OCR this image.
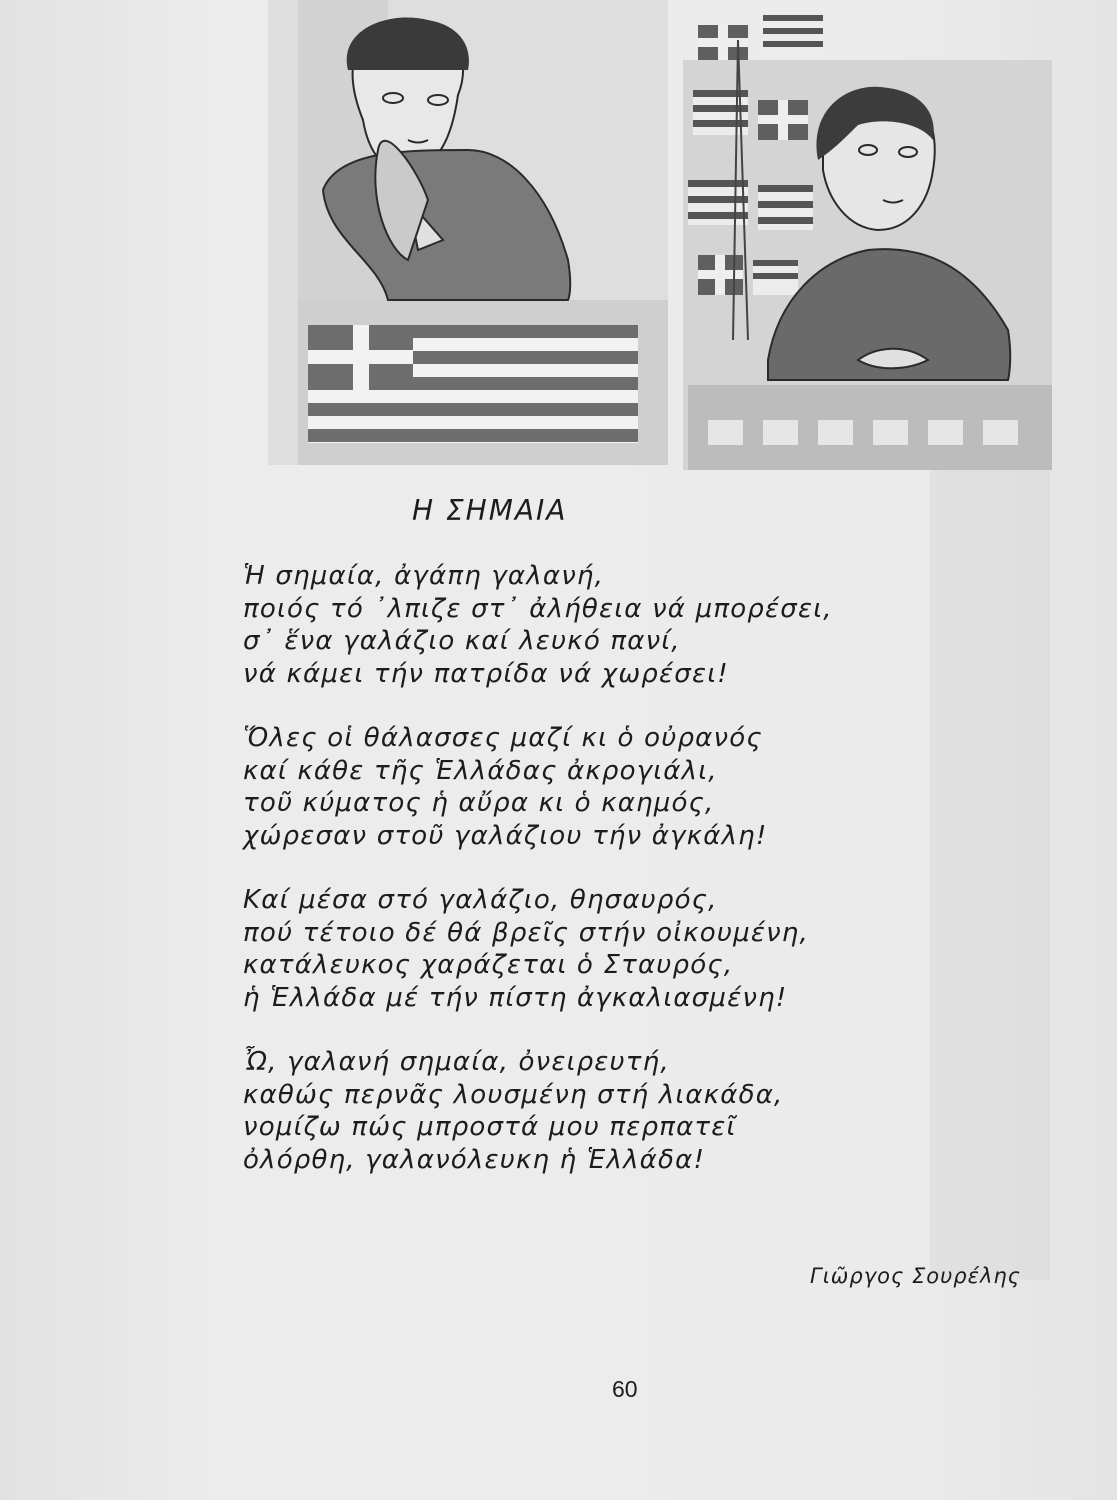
Η ΣΗΜΑΙΑ
Ἡ σημαία, ἀγάπη γαλανή,
ποιός τό ᾽λπιζε στ᾽ ἀλήθεια νά μπορέσει,
σ᾽ ἕνα γαλάζιο καί λευκό πανί,
νά κάμει τήν πατρίδα νά χωρέσει!
Ὅλες οἱ θάλασσες μαζί κι ὁ οὐρανός
καί κάθε τῆς Ἑλλάδας ἀκρογιάλι,
τοῦ κύματος ἡ αὔρα κι ὁ καημός,
χώρεσαν στοῦ γαλάζιου τήν ἀγκάλη!
Καί μέσα στό γαλάζιο, θησαυρός,
πού τέτοιο δέ θά βρεῖς στήν οἰκουμένη,
κατάλευκος χαράζεται ὁ Σταυρός,
ἡ Ἑλλάδα μέ τήν πίστη ἀγκαλιασμένη!
Ὦ, γαλανή σημαία, ὀνειρευτή,
καθώς περνᾶς λουσμένη στή λιακάδα,
νομίζω πώς μπροστά μου περπατεῖ
ὀλόρθη, γαλανόλευκη ἡ Ἑλλάδα!
Γιῶργος Σουρέλης
60
